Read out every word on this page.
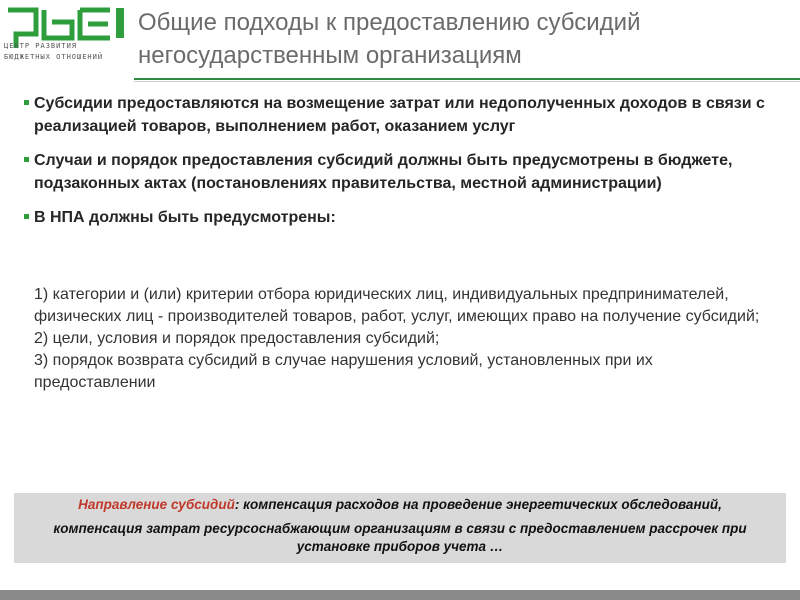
ЦЕНТР РАЗВИТИЯ
БЮДЖЕТНЫХ ОТНОШЕНИЙ
Общие подходы к предоставлению субсидий
негосударственным организациям
Субсидии предоставляются на возмещение затрат или недополученных доходов в связи с реализацией товаров, выполнением работ, оказанием услуг
Случаи и порядок предоставления субсидий должны быть предусмотрены в бюджете, подзаконных актах (постановлениях правительства, местной администрации)
В НПА должны быть предусмотрены:
1) категории и (или) критерии отбора юридических лиц, индивидуальных предпринимателей, физических лиц - производителей товаров, работ, услуг, имеющих право на получение субсидий;
2) цели, условия и порядок предоставления субсидий;
3) порядок возврата субсидий в случае нарушения условий, установленных при их предоставлении
Направление субсидий: компенсация расходов на проведение энергетических обследований,
компенсация затрат ресурсоснабжающим организациям в связи с предоставлением рассрочек при установке приборов учета …
